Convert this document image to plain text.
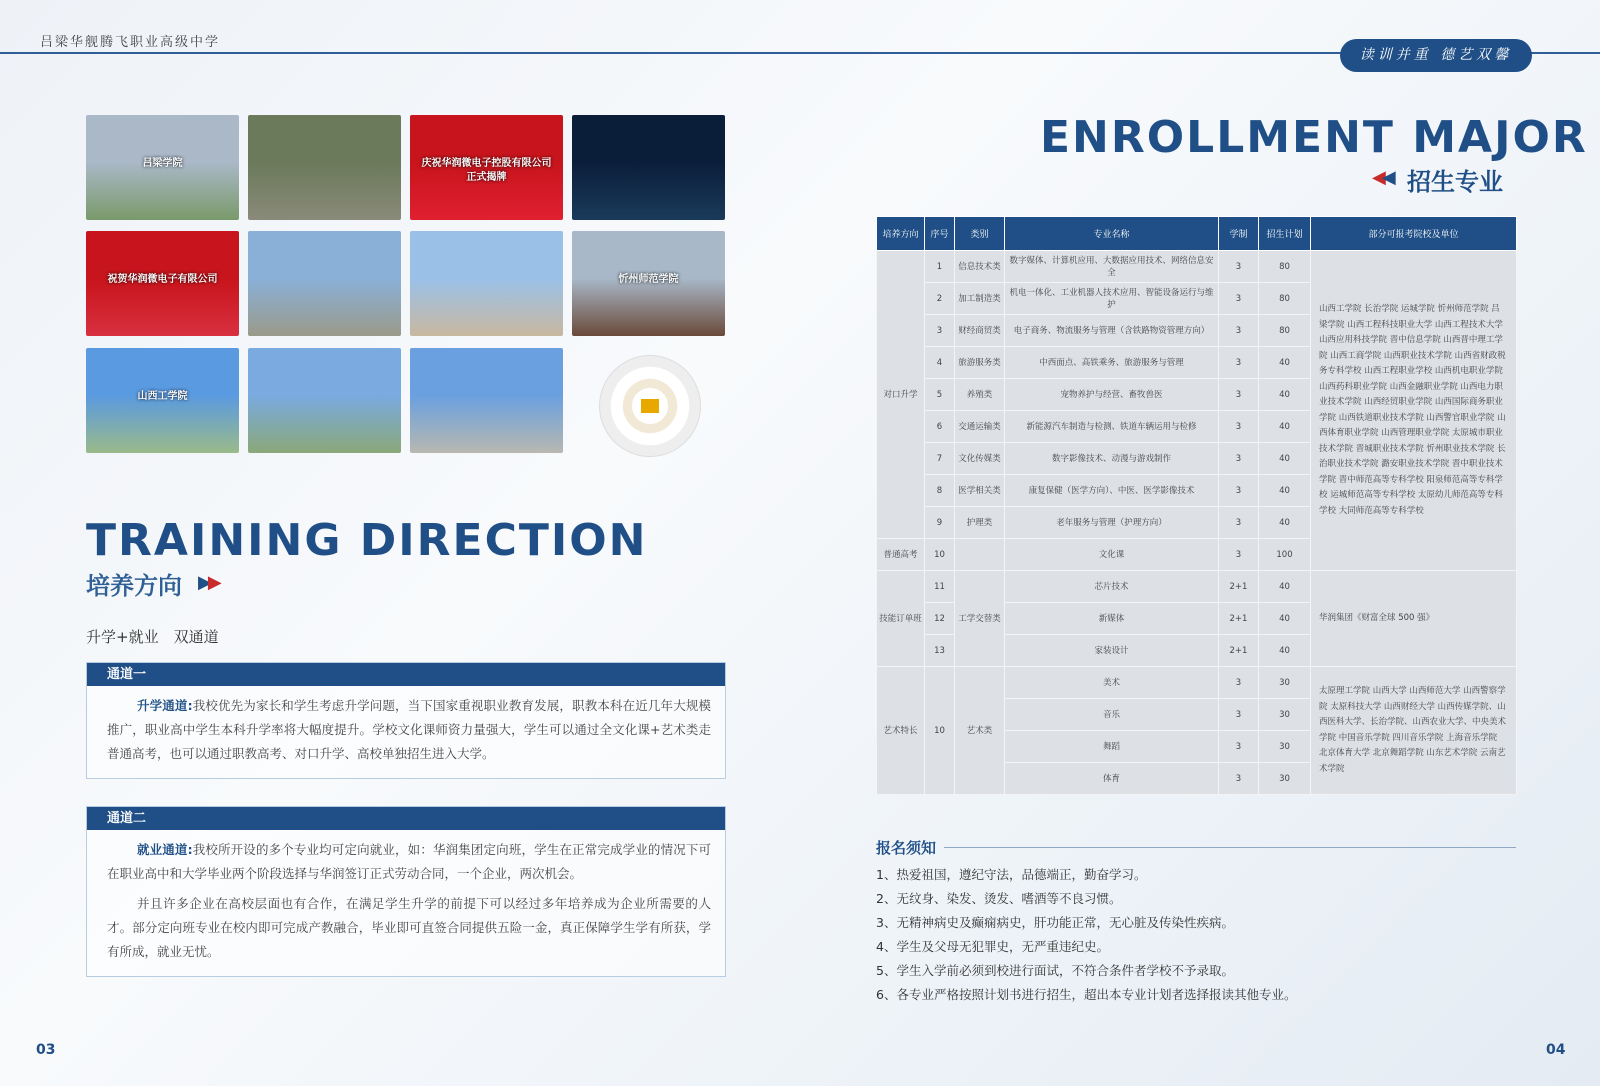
吕梁华舰腾飞职业高级中学
读训并重 德艺双馨
吕梁学院	庆祝华润微电子控股有限公司 正式揭牌
祝贺华润微电子有限公司	忻州师范学院
山西工学院
TRAINING DIRECTION
培养方向 ▶▶
升学+就业　双通道
通道一

升学通道:我校优先为家长和学生考虑升学问题，当下国家重视职业教育发展，职教本科在近几年大规模推广，职业高中学生本科升学率将大幅度提升。学校文化课师资力量强大，学生可以通过全文化课+艺术类走普通高考，也可以通过职教高考、对口升学、高校单独招生进入大学。

通道二

就业通道:我校所开设的多个专业均可定向就业，如：华润集团定向班，学生在正常完成学业的情况下可在职业高中和大学毕业两个阶段选择与华润签订正式劳动合同，一个企业，两次机会。

并且许多企业在高校层面也有合作，在满足学生升学的前提下可以经过多年培养成为企业所需要的人才。部分定向班专业在校内即可完成产教融合，毕业即可直签合同提供五险一金，真正保障学生学有所获，学有所成，就业无忧。

ENROLLMENT MAJOR
◀◀ 招生专业
培养方向	序号	类别	专业名称	学制	招生计划	部分可报考院校及单位
对口升学	1	信息技术类	数字媒体、计算机应用、大数据应用技术、网络信息安全	3	80	山西工学院 长治学院 运城学院 忻州师范学院 吕梁学院 山西工程科技职业大学 山西工程技术大学 山西应用科技学院 晋中信息学院 山西晋中理工学院 山西工商学院 山西职业技术学院 山西省财政税务专科学校 山西工程职业学校 山西机电职业学院 山西药科职业学院 山西金融职业学院 山西电力职业技术学院 山西经贸职业学院 山西国际商务职业学院 山西铁道职业技术学院 山西警官职业学院 山西体育职业学院 山西管理职业学院 太原城市职业技术学院 晋城职业技术学院 忻州职业技术学院 长治职业技术学院 潞安职业技术学院 晋中职业技术学院 晋中师范高等专科学校 阳泉师范高等专科学校 运城师范高等专科学校 太原幼儿师范高等专科学校 大同师范高等专科学校
	2	加工制造类	机电一体化、工业机器人技术应用、智能设备运行与维护	3	80	
	3	财经商贸类	电子商务、物流服务与管理（含铁路物资管理方向）	3	80	
	4	旅游服务类	中西面点、高铁乘务、旅游服务与管理	3	40	
	5	养殖类	宠物养护与经营、畜牧兽医	3	40	
	6	交通运输类	新能源汽车制造与检测、铁道车辆运用与检修	3	40	
	7	文化传媒类	数字影像技术、动漫与游戏制作	3	40	
	8	医学相关类	康复保健（医学方向）、中医、医学影像技术	3	40	
	9	护理类	老年服务与管理（护理方向）	3	40	
普通高考	10		文化课	3	100	
技能订单班	11	工学交替类	芯片技术	2+1	40	华润集团《财富全球 500 强》
	12		新媒体	2+1	40	
	13		家装设计	2+1	40	
艺术特长	10	艺术类	美术	3	30	太原理工学院 山西大学 山西师范大学 山西警察学院 太原科技大学 山西财经大学 山西传媒学院、山西医科大学、长治学院、山西农业大学、中央美术学院 中国音乐学院 四川音乐学院 上海音乐学院 北京体育大学 北京舞蹈学院 山东艺术学院 云南艺术学院
			音乐	3	30	
			舞蹈	3	30	
			体育	3	30	
报名须知
1、热爱祖国，遵纪守法，品德端正，勤奋学习。
2、无纹身、染发、烫发、嗜酒等不良习惯。
3、无精神病史及癫痫病史，肝功能正常，无心脏及传染性疾病。
4、学生及父母无犯罪史，无严重违纪史。
5、学生入学前必须到校进行面试，不符合条件者学校不予录取。
6、各专业严格按照计划书进行招生，超出本专业计划者选择报读其他专业。
03	04
